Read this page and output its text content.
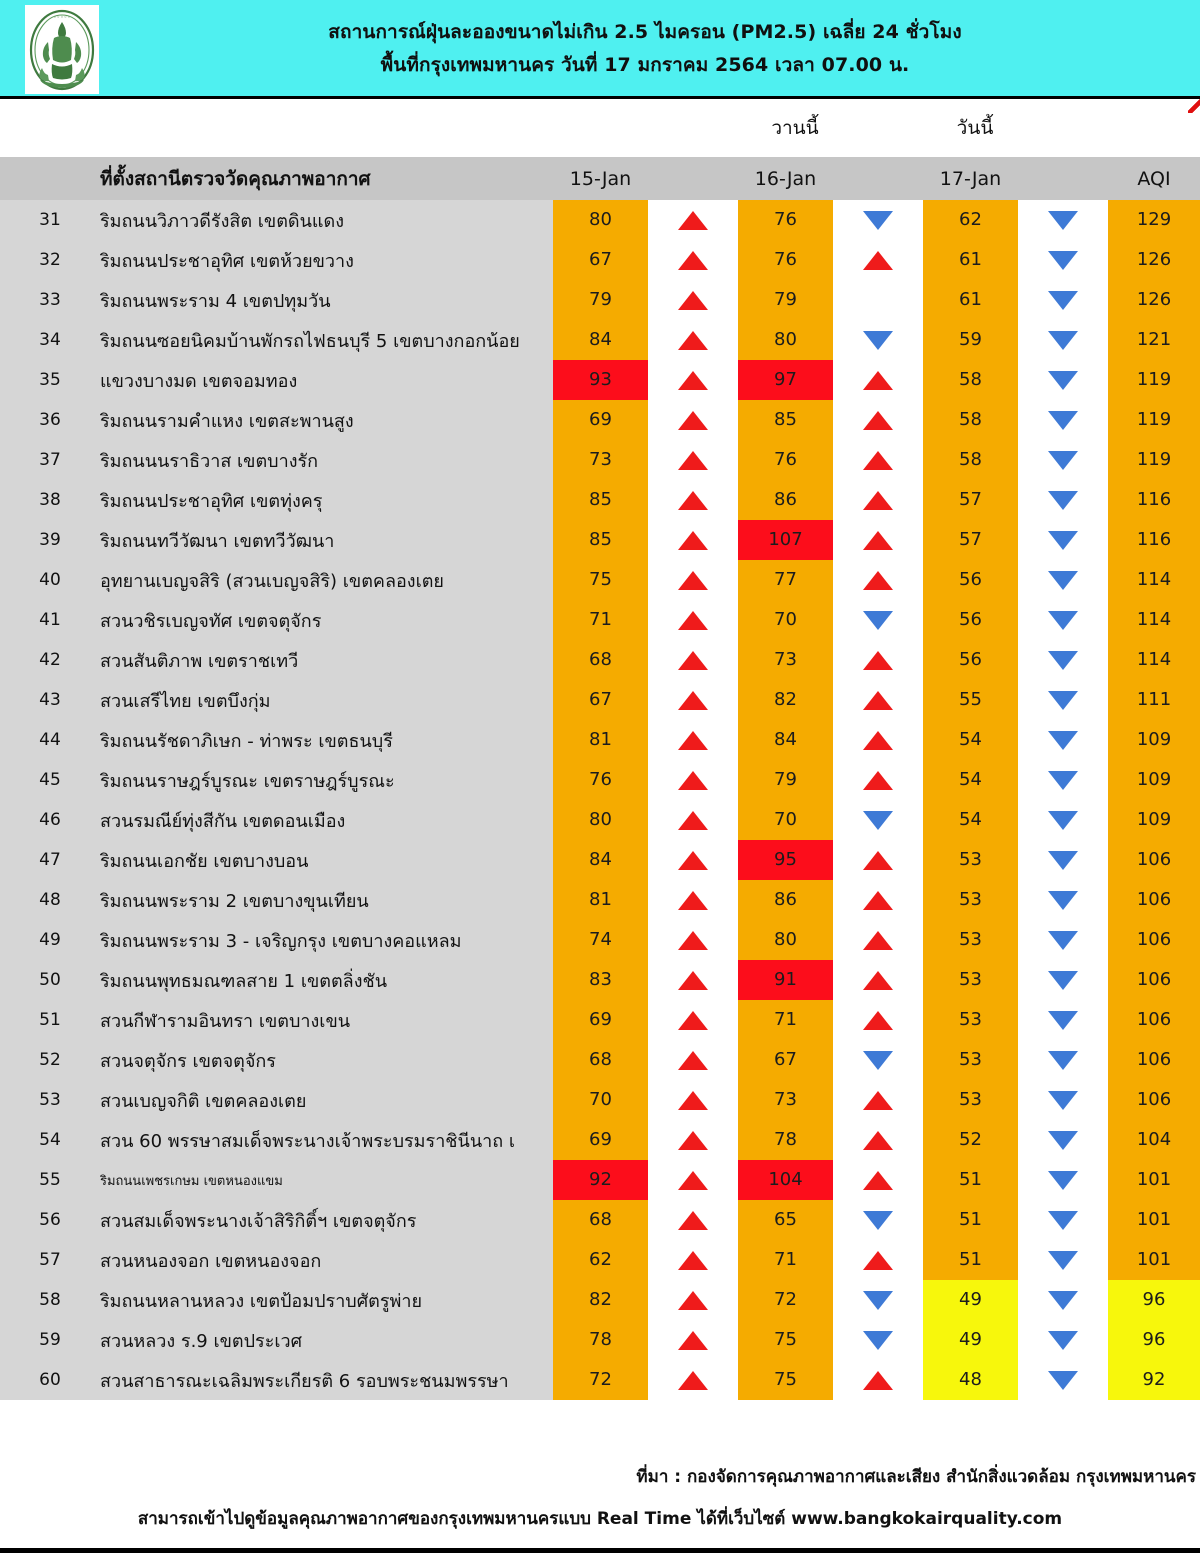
◦◦◦◦◦
สถานการณ์ฝุ่นละอองขนาดไม่เกิน 2.5 ไมครอน (PM2.5) เฉลี่ย 24 ชั่วโมง
พื้นที่กรุงเทพมหานคร วันที่ 17 มกราคม 2564 เวลา 07.00 น.
วานนี้	วันนี้
	ที่ตั้งสถานีตรวจวัดคุณภาพอากาศ	15-Jan		16-Jan		17-Jan		AQI
31	ริมถนนวิภาวดีรังสิต เขตดินแดง	80		76		62		129

32	ริมถนนประชาอุทิศ เขตห้วยขวาง	67		76		61		126

33	ริมถนนพระราม 4 เขตปทุมวัน	79		79		61		126

34	ริมถนนซอยนิคมบ้านพักรถไฟธนบุรี 5 เขตบางกอกน้อย	84		80		59		121

35	แขวงบางมด เขตจอมทอง	93		97		58		119

36	ริมถนนรามคำแหง เขตสะพานสูง	69		85		58		119

37	ริมถนนนราธิวาส เขตบางรัก	73		76		58		119

38	ริมถนนประชาอุทิศ เขตทุ่งครุ	85		86		57		116

39	ริมถนนทวีวัฒนา เขตทวีวัฒนา	85		107		57		116

40	อุทยานเบญจสิริ (สวนเบญจสิริ) เขตคลองเตย	75		77		56		114

41	สวนวชิรเบญจทัศ เขตจตุจักร	71		70		56		114

42	สวนสันติภาพ เขตราชเทวี	68		73		56		114

43	สวนเสรีไทย เขตบึงกุ่ม	67		82		55		111

44	ริมถนนรัชดาภิเษก - ท่าพระ เขตธนบุรี	81		84		54		109

45	ริมถนนราษฎร์บูรณะ เขตราษฎร์บูรณะ	76		79		54		109

46	สวนรมณีย์ทุ่งสีกัน เขตดอนเมือง	80		70		54		109

47	ริมถนนเอกชัย เขตบางบอน	84		95		53		106

48	ริมถนนพระราม 2 เขตบางขุนเทียน	81		86		53		106

49	ริมถนนพระราม 3 - เจริญกรุง เขตบางคอแหลม	74		80		53		106

50	ริมถนนพุทธมณฑลสาย 1 เขตตลิ่งชัน	83		91		53		106

51	สวนกีฬารามอินทรา เขตบางเขน	69		71		53		106

52	สวนจตุจักร เขตจตุจักร	68		67		53		106

53	สวนเบญจกิติ เขตคลองเตย	70		73		53		106

54	สวน 60 พรรษาสมเด็จพระนางเจ้าพระบรมราชินีนาถ เ	69		78		52		104

55	ริมถนนเพชรเกษม เขตหนองแขม	92		104		51		101

56	สวนสมเด็จพระนางเจ้าสิริกิติ์ฯ เขตจตุจักร	68		65		51		101

57	สวนหนองจอก เขตหนองจอก	62		71		51		101

58	ริมถนนหลานหลวง เขตป้อมปราบศัตรูพ่าย	82		72		49		96

59	สวนหลวง ร.9 เขตประเวศ	78		75		49		96

60	สวนสาธารณะเฉลิมพระเกียรติ 6 รอบพระชนมพรรษา	72		75		48		92
ที่มา : กองจัดการคุณภาพอากาศและเสียง สำนักสิ่งแวดล้อม กรุงเทพมหานคร
สามารถเข้าไปดูข้อมูลคุณภาพอากาศของกรุงเทพมหานครแบบ Real Time ได้ที่เว็บไซต์ www.bangkokairquality.com
